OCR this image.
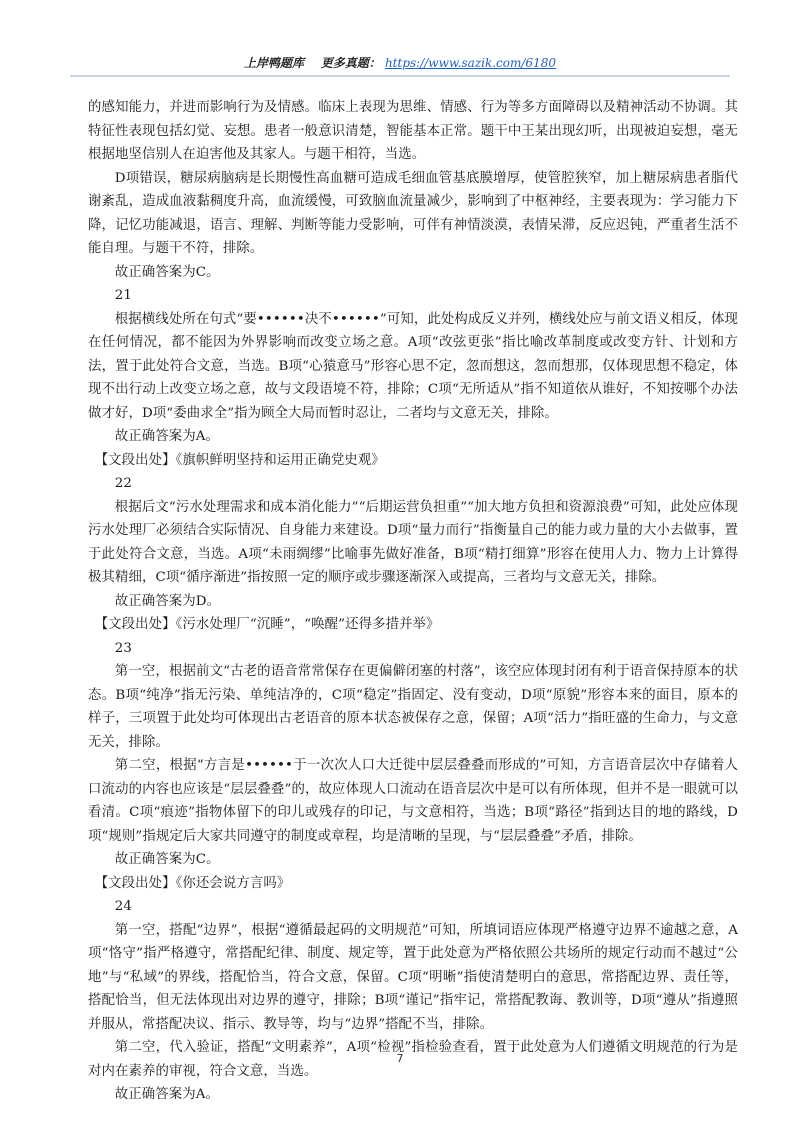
上岸鸭题库 更多真题： https://www.sazik.com/6180

的感知能力，并进而影响行为及情感。临床上表现为思维、情感、行为等多方面障碍以及精神活动不协调。其特征性表现包括幻觉、妄想。患者一般意识清楚，智能基本正常。题干中王某出现幻听，出现被迫妄想，毫无根据地坚信别人在迫害他及其家人。与题干相符，当选。

D项错误，糖尿病脑病是长期慢性高血糖可造成毛细血管基底膜增厚，使管腔狭窄，加上糖尿病患者脂代谢紊乱，造成血液黏稠度升高，血流缓慢，可致脑血流量减少，影响到了中枢神经，主要表现为：学习能力下降，记忆功能减退，语言、理解、判断等能力受影响，可伴有神情淡漠，表情呆滞，反应迟钝，严重者生活不能自理。与题干不符，排除。

故正确答案为C。

21

根据横线处所在句式“要••••••决不••••••”可知，此处构成反义并列，横线处应与前文语义相反，体现在任何情况，都不能因为外界影响而改变立场之意。A项“改弦更张”指比喻改革制度或改变方针、计划和方法，置于此处符合文意，当选。B项“心猿意马”形容心思不定，忽而想这，忽而想那，仅体现思想不稳定，体现不出行动上改变立场之意，故与文段语境不符，排除；C项“无所适从”指不知道依从谁好，不知按哪个办法做才好，D项“委曲求全”指为顾全大局而暂时忍让，二者均与文意无关，排除。

故正确答案为A。

【文段出处】《旗帜鲜明坚持和运用正确党史观》

22

根据后文“污水处理需求和成本消化能力”“后期运营负担重”“加大地方负担和资源浪费”可知，此处应体现污水处理厂必须结合实际情况、自身能力来建设。D项“量力而行”指衡量自己的能力或力量的大小去做事，置于此处符合文意，当选。A项“未雨绸缪”比喻事先做好准备，B项“精打细算”形容在使用人力、物力上计算得极其精细，C项“循序渐进”指按照一定的顺序或步骤逐渐深入或提高，三者均与文意无关，排除。

故正确答案为D。

【文段出处】《污水处理厂“沉睡”，“唤醒”还得多措并举》

23

第一空，根据前文“古老的语音常常保存在更偏僻闭塞的村落”，该空应体现封闭有利于语音保持原本的状态。B项“纯净”指无污染、单纯洁净的，C项“稳定”指固定、没有变动，D项“原貌”形容本来的面目，原本的样子，三项置于此处均可体现出古老语音的原本状态被保存之意，保留；A项“活力”指旺盛的生命力，与文意无关，排除。

第二空，根据“方言是••••••于一次次人口大迁徙中层层叠叠而形成的”可知，方言语音层次中存储着人口流动的内容也应该是“层层叠叠”的，故应体现人口流动在语音层次中是可以有所体现，但并不是一眼就可以看清。C项“痕迹”指物体留下的印儿或残存的印记，与文意相符，当选；B项“路径”指到达目的地的路线，D项“规则”指规定后大家共同遵守的制度或章程，均是清晰的呈现，与“层层叠叠”矛盾，排除。

故正确答案为C。

【文段出处】《你还会说方言吗》

24

第一空，搭配“边界”，根据“遵循最起码的文明规范”可知，所填词语应体现严格遵守边界不逾越之意，A项“恪守”指严格遵守，常搭配纪律、制度、规定等，置于此处意为严格依照公共场所的规定行动而不越过“公地”与“私域”的界线，搭配恰当，符合文意，保留。C项“明晰”指使清楚明白的意思，常搭配边界、责任等，搭配恰当，但无法体现出对边界的遵守，排除；B项“谨记”指牢记，常搭配教诲、教训等，D项“遵从”指遵照并服从，常搭配决议、指示、教导等，均与“边界”搭配不当，排除。

第二空，代入验证，搭配“文明素养”，A项“检视”指检验查看，置于此处意为人们遵循文明规范的行为是对内在素养的审视，符合文意，当选。

故正确答案为A。

7
